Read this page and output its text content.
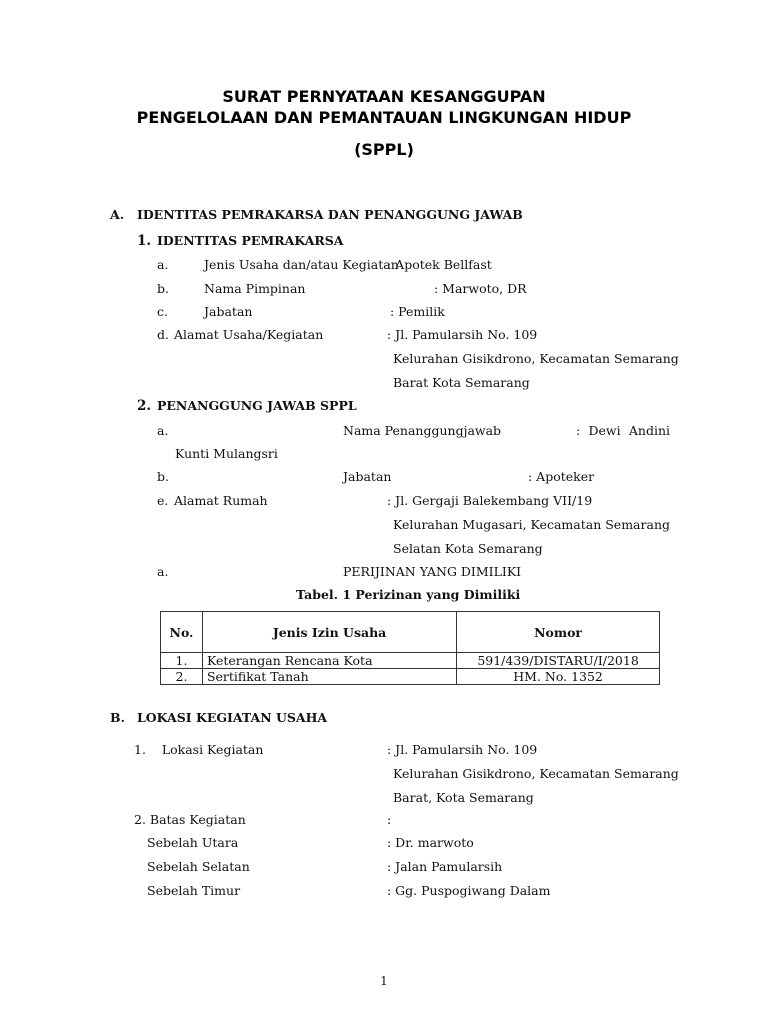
SURAT PERNYATAAN KESANGGUPAN
PENGELOLAAN DAN PEMANTAUAN LINGKUNGAN HIDUP
(SPPL)
A. IDENTITAS PEMRAKARSA DAN PENANGGUNG JAWAB
1. IDENTITAS PEMRAKARSA
a.	Jenis Usaha dan/atau Kegiatan
: Apotek Bellfast
b.	Nama Pimpinan	: Marwoto, DR
c.	Jabatan	: Pemilik
d. Alamat Usaha/Kegiatan	: Jl. Pamularsih No. 109
Kelurahan Gisikdrono, Kecamatan Semarang
Barat Kota Semarang
2. PENANGGUNG JAWAB SPPL
a.	Nama Penanggungjawab	: Dewi Andini
Kunti Mulangsri
b.	Jabatan	: Apoteker
e. Alamat Rumah	: Jl. Gergaji Balekembang VII/19
Kelurahan Mugasari, Kecamatan Semarang
Selatan Kota Semarang
a.	PERIJINAN YANG DIMILIKI
Tabel. 1 Perizinan yang Dimiliki
No.	Jenis Izin Usaha	Nomor
1.	Keterangan Rencana Kota	591/439/DISTARU/I/2018
2.	Sertifikat Tanah	HM. No. 1352
B. LOKASI KEGIATAN USAHA
1.    Lokasi Kegiatan	: Jl. Pamularsih No. 109
Kelurahan Gisikdrono, Kecamatan Semarang
Barat, Kota Semarang
2. Batas Kegiatan	:
Sebelah Utara	: Dr. marwoto
Sebelah Selatan	: Jalan Pamularsih
Sebelah Timur	: Gg. Puspogiwang Dalam
1
